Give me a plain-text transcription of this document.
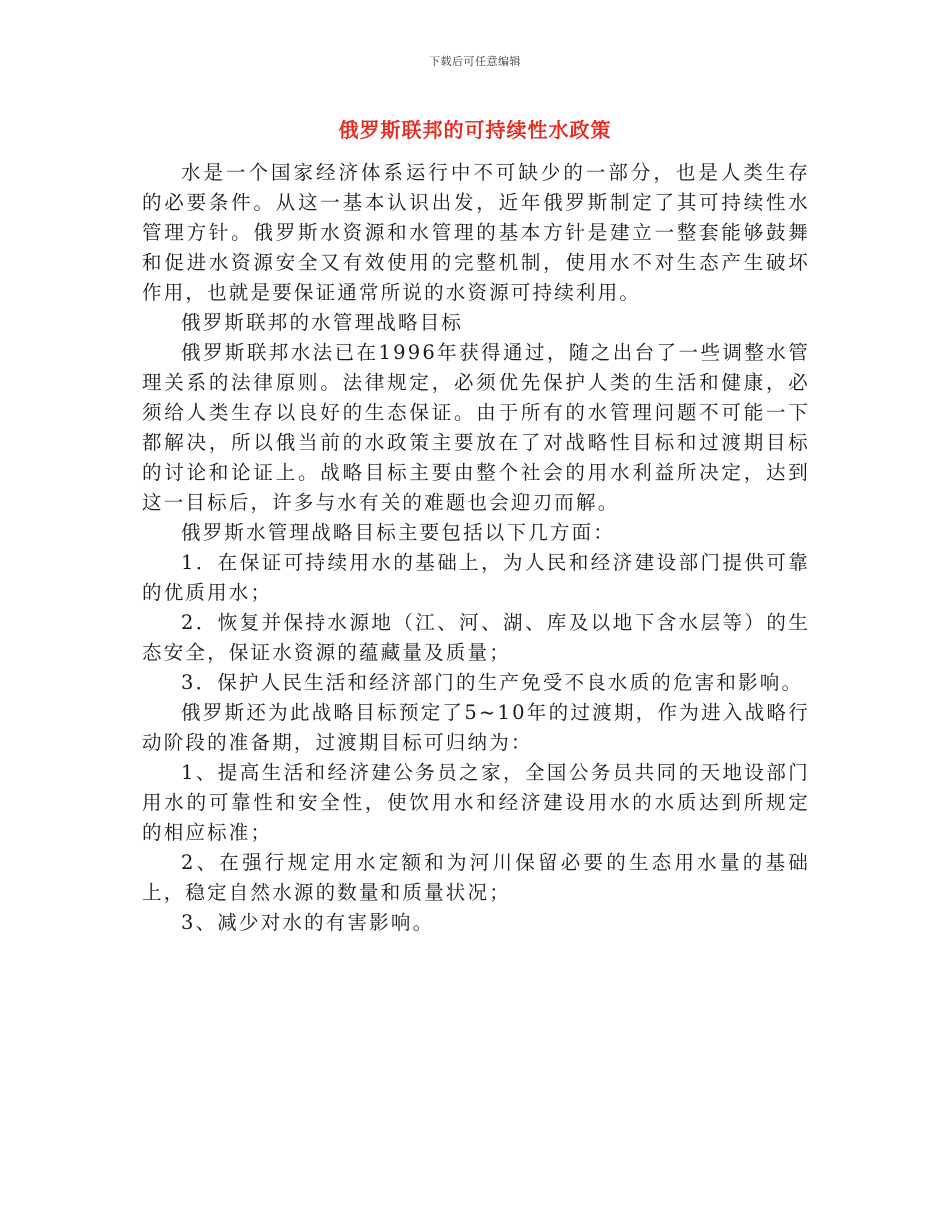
下载后可任意编辑
俄罗斯联邦的可持续性水政策

水是一个国家经济体系运行中不可缺少的一部分，也是人类生存的必要条件。从这一基本认识出发，近年俄罗斯制定了其可持续性水管理方针。俄罗斯水资源和水管理的基本方针是建立一整套能够鼓舞和促进水资源安全又有效使用的完整机制，使用水不对生态产生破坏作用，也就是要保证通常所说的水资源可持续利用。

俄罗斯联邦的水管理战略目标

俄罗斯联邦水法已在1996年获得通过，随之出台了一些调整水管理关系的法律原则。法律规定，必须优先保护人类的生活和健康，必须给人类生存以良好的生态保证。由于所有的水管理问题不可能一下都解决，所以俄当前的水政策主要放在了对战略性目标和过渡期目标的讨论和论证上。战略目标主要由整个社会的用水利益所决定，达到这一目标后，许多与水有关的难题也会迎刃而解。

俄罗斯水管理战略目标主要包括以下几方面：

1．在保证可持续用水的基础上，为人民和经济建设部门提供可靠的优质用水；

2．恢复并保持水源地（江、河、湖、库及以地下含水层等）的生态安全，保证水资源的蕴藏量及质量；

3．保护人民生活和经济部门的生产免受不良水质的危害和影响。

俄罗斯还为此战略目标预定了5~10年的过渡期，作为进入战略行动阶段的准备期，过渡期目标可归纳为：

1、提高生活和经济建公务员之家，全国公务员共同的天地设部门用水的可靠性和安全性，使饮用水和经济建设用水的水质达到所规定的相应标准；

2、在强行规定用水定额和为河川保留必要的生态用水量的基础上，稳定自然水源的数量和质量状况；

3、减少对水的有害影响。
